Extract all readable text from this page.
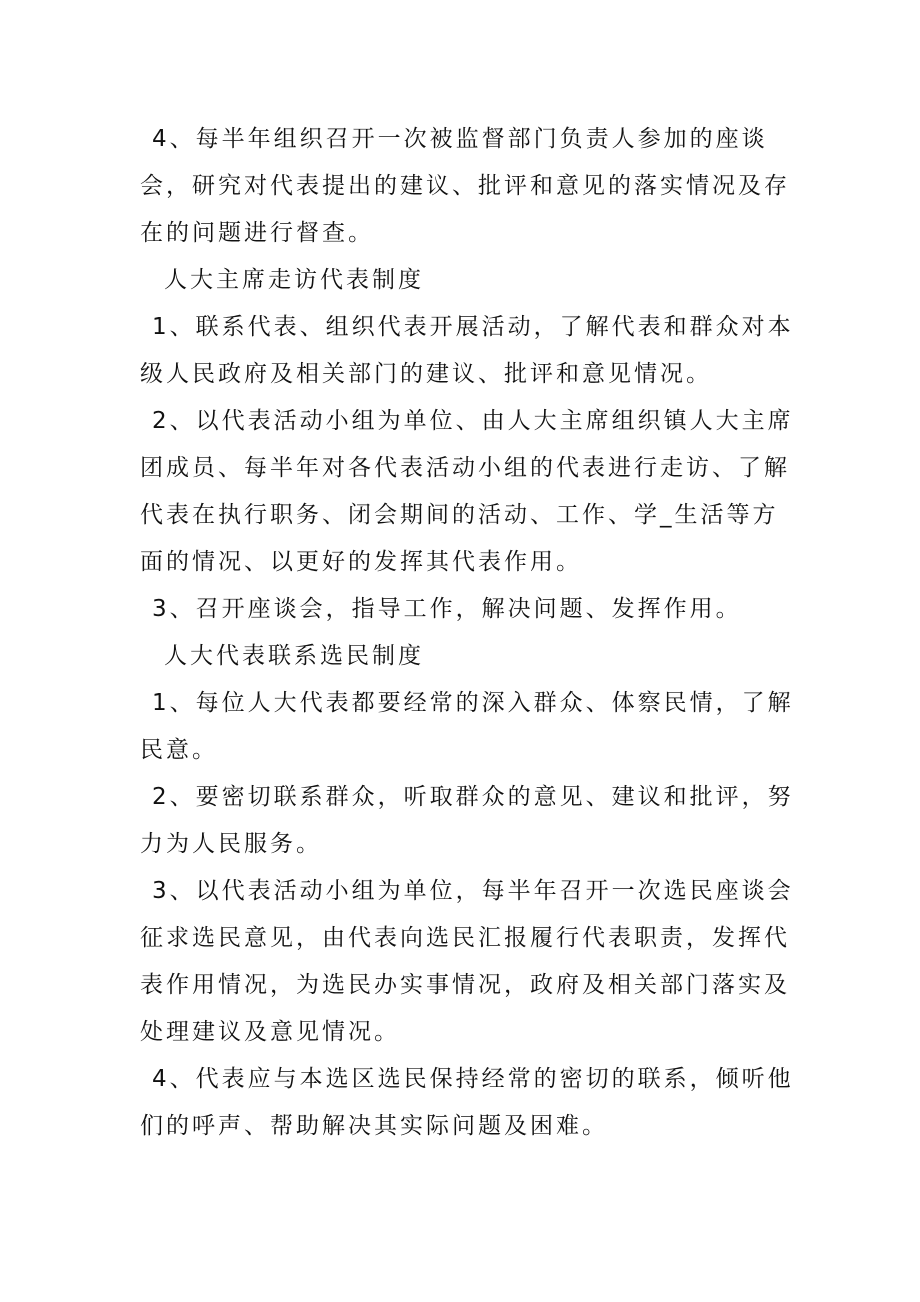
4、每半年组织召开一次被监督部门负责人参加的座谈会，研究对代表提出的建议、批评和意见的落实情况及存在的问题进行督查。

人大主席走访代表制度

1、联系代表、组织代表开展活动，了解代表和群众对本级人民政府及相关部门的建议、批评和意见情况。

2、以代表活动小组为单位、由人大主席组织镇人大主席团成员、每半年对各代表活动小组的代表进行走访、了解代表在执行职务、闭会期间的活动、工作、学_生活等方面的情况、以更好的发挥其代表作用。

3、召开座谈会，指导工作，解决问题、发挥作用。

人大代表联系选民制度

1、每位人大代表都要经常的深入群众、体察民情，了解民意。

2、要密切联系群众，听取群众的意见、建议和批评，努力为人民服务。

3、以代表活动小组为单位，每半年召开一次选民座谈会征求选民意见，由代表向选民汇报履行代表职责，发挥代表作用情况，为选民办实事情况，政府及相关部门落实及处理建议及意见情况。

4、代表应与本选区选民保持经常的密切的联系，倾听他们的呼声、帮助解决其实际问题及困难。
